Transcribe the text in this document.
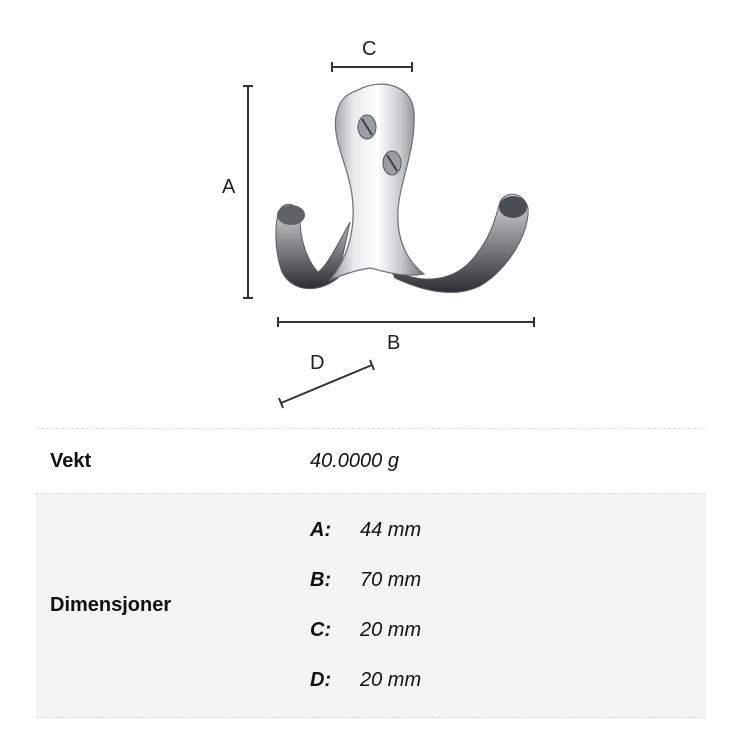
A
B
C
D
Vekt	40.0000 g
Dimensjoner
A:	44 mm
B:	70 mm
C:	20 mm
D:	20 mm
